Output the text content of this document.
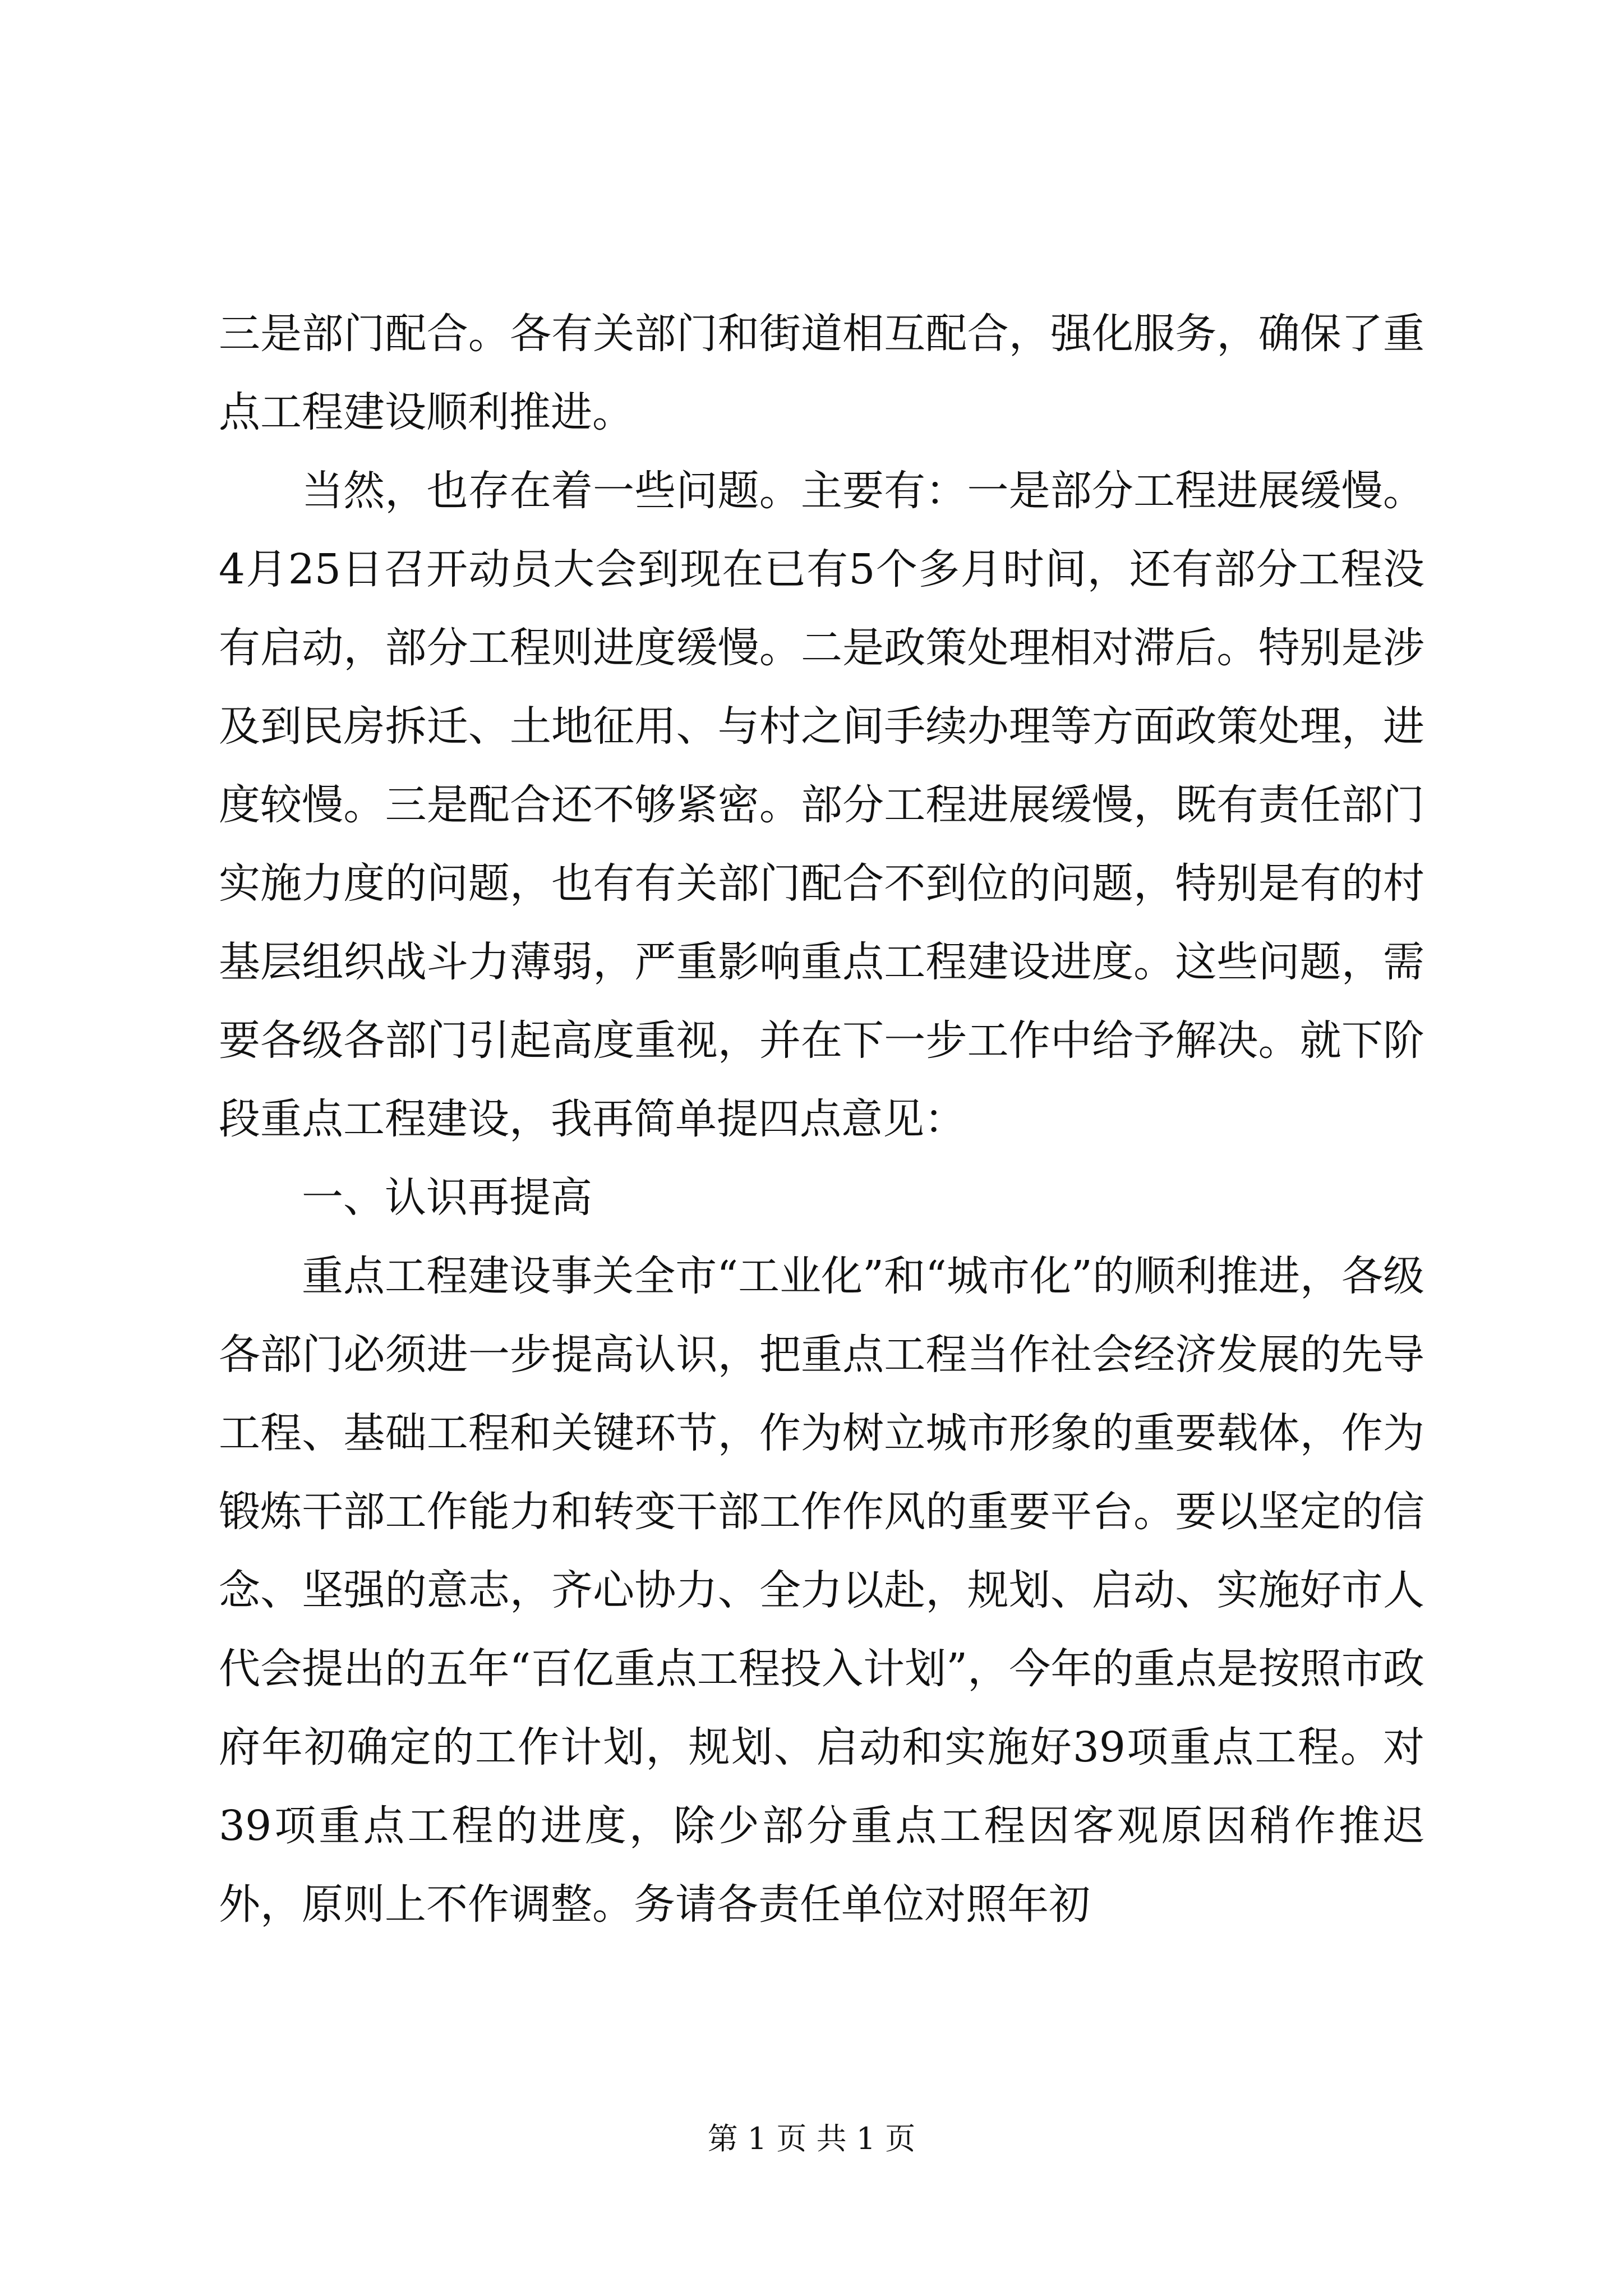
三是部门配合。各有关部门和街道相互配合，强化服务，确保了重点工程建设顺利推进。

当然，也存在着一些问题。主要有：一是部分工程进展缓慢。4月25日召开动员大会到现在已有5个多月时间，还有部分工程没有启动，部分工程则进度缓慢。二是政策处理相对滞后。特别是涉及到民房拆迁、土地征用、与村之间手续办理等方面政策处理，进度较慢。三是配合还不够紧密。部分工程进展缓慢，既有责任部门实施力度的问题，也有有关部门配合不到位的问题，特别是有的村基层组织战斗力薄弱，严重影响重点工程建设进度。这些问题，需要各级各部门引起高度重视，并在下一步工作中给予解决。就下阶段重点工程建设，我再简单提四点意见：

一、认识再提高

重点工程建设事关全市“工业化”和“城市化”的顺利推进，各级各部门必须进一步提高认识，把重点工程当作社会经济发展的先导工程、基础工程和关键环节，作为树立城市形象的重要载体，作为锻炼干部工作能力和转变干部工作作风的重要平台。要以坚定的信念、坚强的意志，齐心协力、全力以赴，规划、启动、实施好市人代会提出的五年“百亿重点工程投入计划”，今年的重点是按照市政府年初确定的工作计划，规划、启动和实施好39项重点工程。对39项重点工程的进度，除少部分重点工程因客观原因稍作推迟外，原则上不作调整。务请各责任单位对照年初

第 1 页 共 1 页
